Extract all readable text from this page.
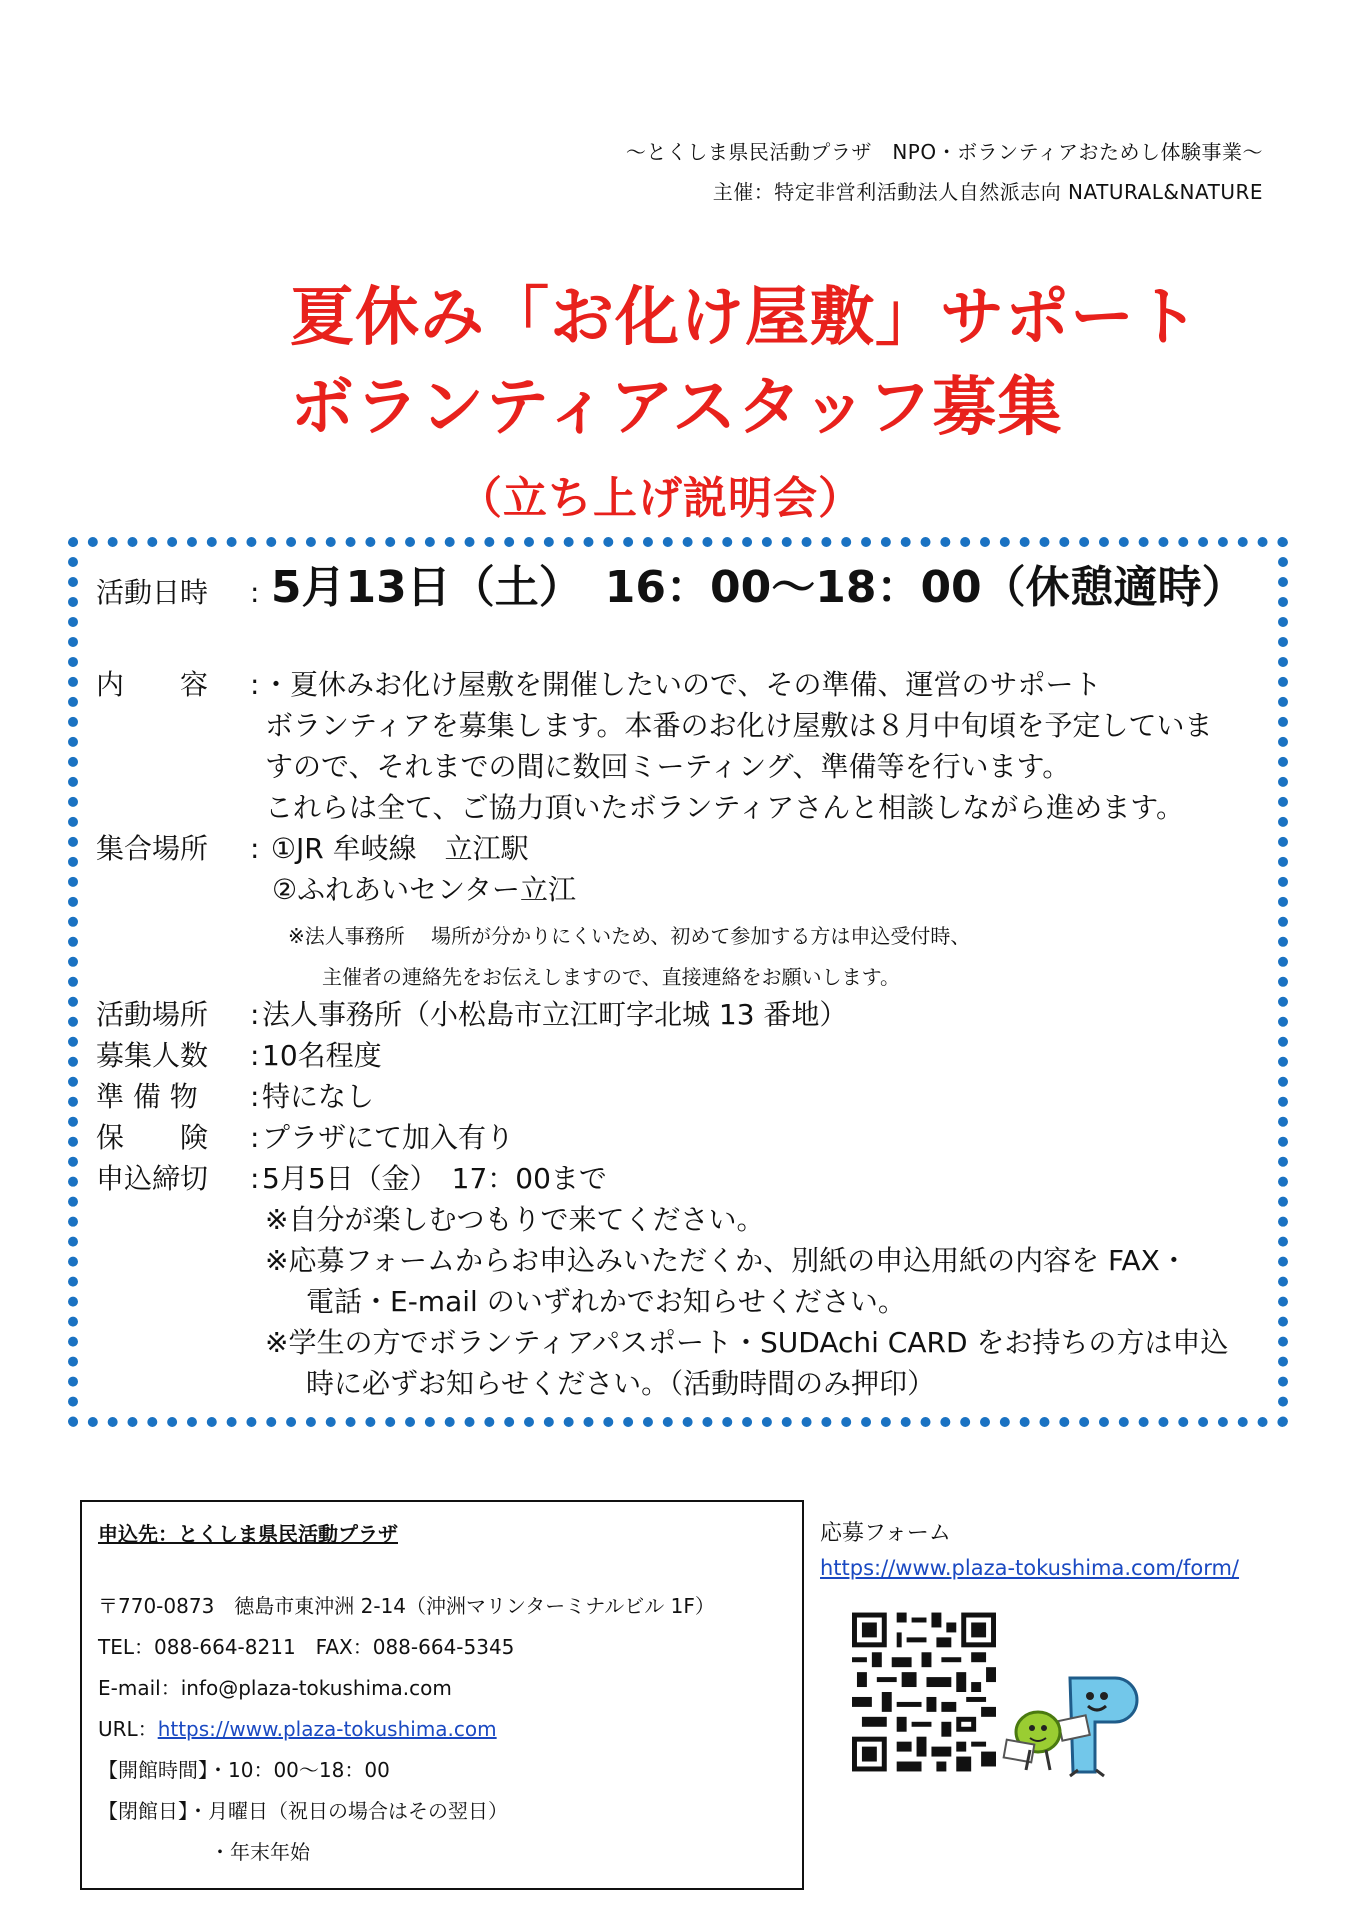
～とくしま県民活動プラザ　NPO・ボランティアおためし体験事業～
主催：特定非営利活動法人自然派志向 NATURAL&NATURE
夏休み「お化け屋敷」サポート
ボランティアスタッフ募集
（立ち上げ説明会）
活動日時 : 5月13日（土）　16：00～18：00（休憩適時）
内　　容 :・夏休みお化け屋敷を開催したいので、その準備、運営のサポート
ボランティアを募集します。本番のお化け屋敷は８月中旬頃を予定していま
すので、それまでの間に数回ミーティング、準備等を行います。
これらは全て、ご協力頂いたボランティアさんと相談しながら進めます。
集合場所 : ①JR 牟岐線　立江駅
②ふれあいセンター立江
※法人事務所　 場所が分かりにくいため、初めて参加する方は申込受付時、
主催者の連絡先をお伝えしますので、直接連絡をお願いします。
活動場所 :法人事務所（小松島市立江町字北城 13 番地）
募集人数 :10名程度
準 備 物 :特になし
保　　険 :プラザにて加入有り
申込締切 :5月5日（金）　17：00まで
※自分が楽しむつもりで来てください。
※応募フォームからお申込みいただくか、別紙の申込用紙の内容を FAX・
電話・E-mail のいずれかでお知らせください。
※学生の方でボランティアパスポート・SUDAchi CARD をお持ちの方は申込
時に必ずお知らせください。（活動時間のみ押印）
申込先：とくしま県民活動プラザ
〒770-0873　徳島市東沖洲 2-14（沖洲マリンターミナルビル 1F）
TEL：088-664-8211　FAX：088-664-5345
E-mail：info@plaza-tokushima.com
URL：https://www.plaza-tokushima.com
【開館時間】・10：00～18：00
【閉館日】・月曜日（祝日の場合はその翌日）
・年末年始
応募フォーム
https://www.plaza-tokushima.com/form/
